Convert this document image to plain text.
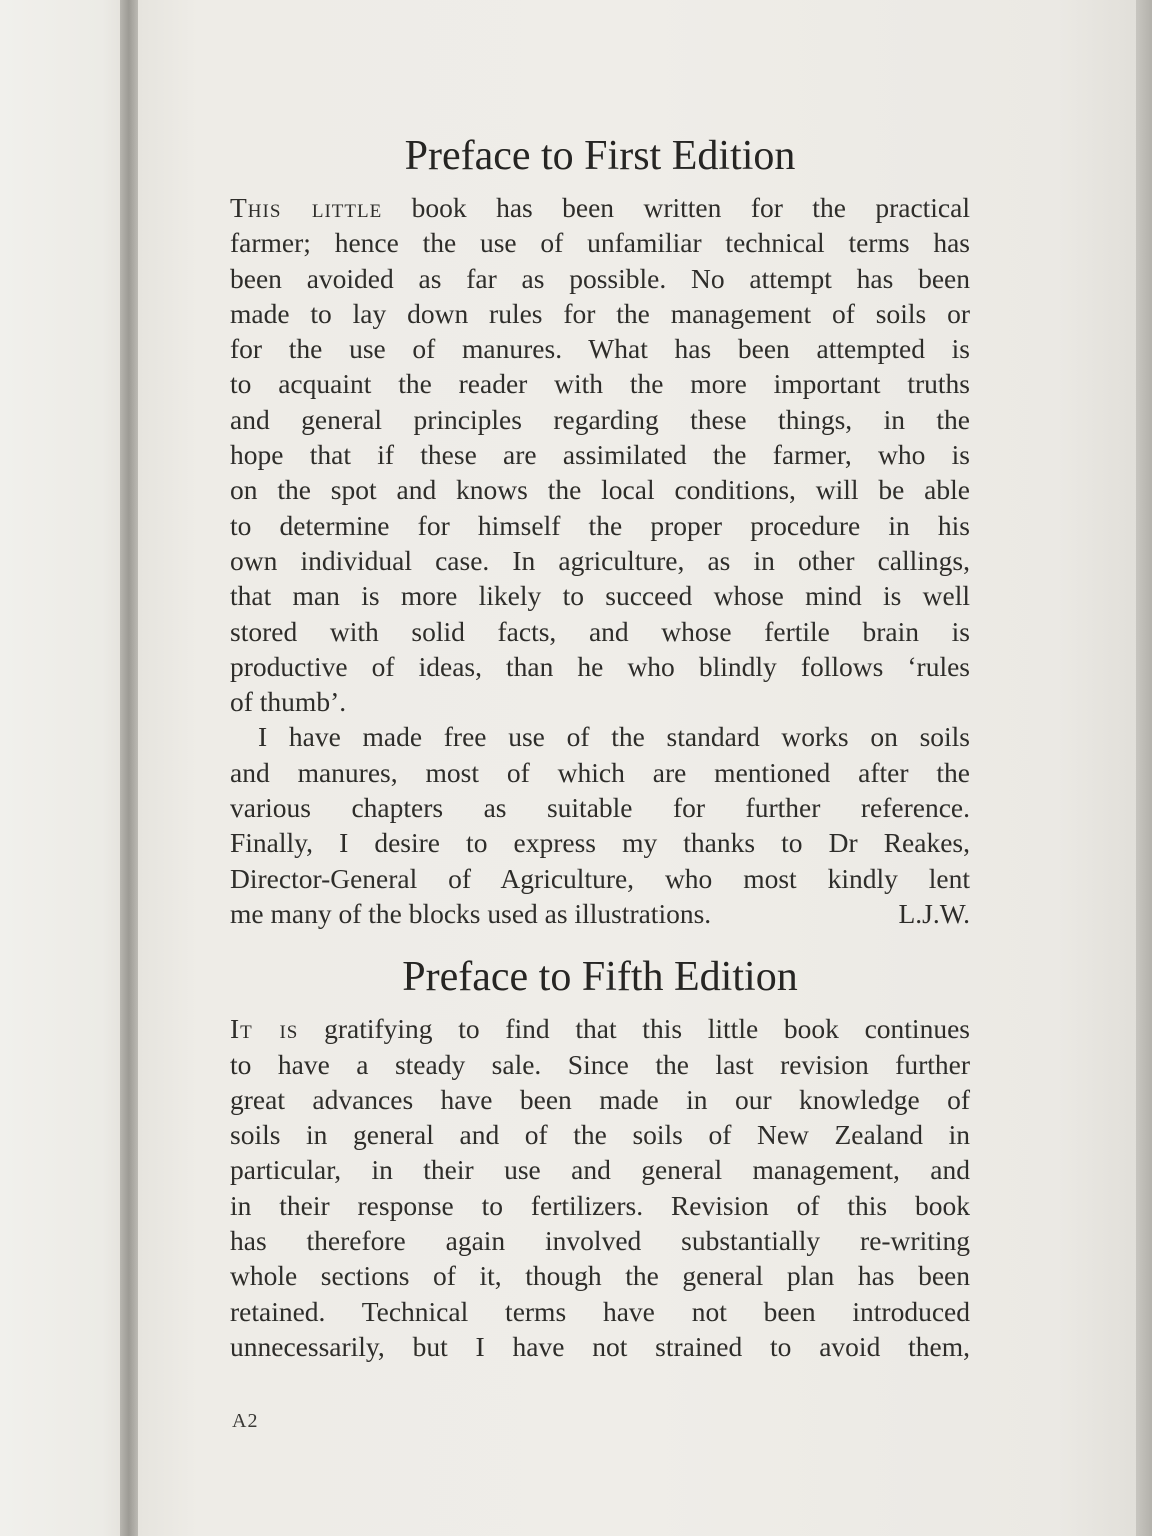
Preface to First Edition
This little book has been written for the practical
farmer; hence the use of unfamiliar technical terms has
been avoided as far as possible. No attempt has been
made to lay down rules for the management of soils or
for the use of manures. What has been attempted is
to acquaint the reader with the more important truths
and general principles regarding these things, in the
hope that if these are assimilated the farmer, who is
on the spot and knows the local conditions, will be able
to determine for himself the proper procedure in his
own individual case. In agriculture, as in other callings,
that man is more likely to succeed whose mind is well
stored with solid facts, and whose fertile brain is
productive of ideas, than he who blindly follows ‘rules
of thumb’.
I have made free use of the standard works on soils
and manures, most of which are mentioned after the
various chapters as suitable for further reference.
Finally, I desire to express my thanks to Dr Reakes,
Director-General of Agriculture, who most kindly lent
me many of the blocks used as illustrations.	L.J.W.
Preface to Fifth Edition
It is gratifying to find that this little book continues
to have a steady sale. Since the last revision further
great advances have been made in our knowledge of
soils in general and of the soils of New Zealand in
particular, in their use and general management, and
in their response to fertilizers. Revision of this book
has therefore again involved substantially re-writing
whole sections of it, though the general plan has been
retained. Technical terms have not been introduced
unnecessarily, but I have not strained to avoid them,
A2
